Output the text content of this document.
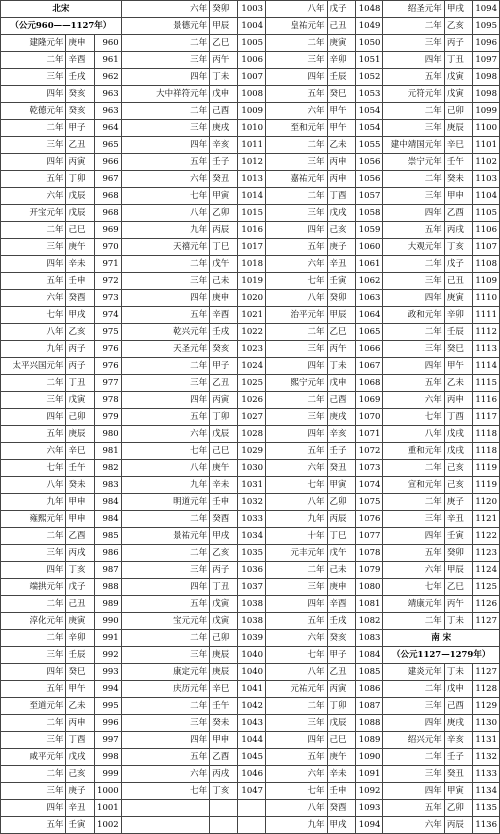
北宋			六年	癸卯	1003	八年	戊子	1048	绍圣元年	甲戌	1094
（公元960——1127年）			景德元年	甲辰	1004	皇祐元年	己丑	1049	二年	乙亥	1095
建隆元年	庚申	960	二年	乙巳	1005	二年	庚寅	1050	三年	丙子	1096
二年	辛酉	961	三年	丙午	1006	三年	辛卯	1051	四年	丁丑	1097
三年	壬戌	962	四年	丁未	1007	四年	壬辰	1052	五年	戊寅	1098
四年	癸亥	963	大中祥符元年	戊申	1008	五年	癸巳	1053	元符元年	戊寅	1098
乾德元年	癸亥	963	二年	己酉	1009	六年	甲午	1054	二年	己卯	1099
二年	甲子	964	三年	庚戌	1010	至和元年	甲午	1054	三年	庚辰	1100
三年	乙丑	965	四年	辛亥	1011	二年	乙未	1055	建中靖国元年	辛巳	1101
四年	丙寅	966	五年	壬子	1012	三年	丙申	1056	崇宁元年	壬午	1102
五年	丁卯	967	六年	癸丑	1013	嘉祐元年	丙申	1056	二年	癸未	1103
六年	戊辰	968	七年	甲寅	1014	二年	丁酉	1057	三年	甲申	1104
开宝元年	戊辰	968	八年	乙卯	1015	三年	戊戌	1058	四年	乙酉	1105
二年	己巳	969	九年	丙辰	1016	四年	己亥	1059	五年	丙戌	1106
三年	庚午	970	天禧元年	丁巳	1017	五年	庚子	1060	大观元年	丁亥	1107
四年	辛未	971	二年	戊午	1018	六年	辛丑	1061	二年	戊子	1108
五年	壬申	972	三年	己未	1019	七年	壬寅	1062	三年	己丑	1109
六年	癸酉	973	四年	庚申	1020	八年	癸卯	1063	四年	庚寅	1110
七年	甲戌	974	五年	辛酉	1021	治平元年	甲辰	1064	政和元年	辛卯	1111
八年	乙亥	975	乾兴元年	壬戌	1022	二年	乙巳	1065	二年	壬辰	1112
九年	丙子	976	天圣元年	癸亥	1023	三年	丙午	1066	三年	癸巳	1113
太平兴国元年	丙子	976	二年	甲子	1024	四年	丁未	1067	四年	甲午	1114
二年	丁丑	977	三年	乙丑	1025	熙宁元年	戊申	1068	五年	乙未	1115
三年	戊寅	978	四年	丙寅	1026	二年	己酉	1069	六年	丙申	1116
四年	己卯	979	五年	丁卯	1027	三年	庚戌	1070	七年	丁酉	1117
五年	庚辰	980	六年	戊辰	1028	四年	辛亥	1071	八年	戊戌	1118
六年	辛巳	981	七年	己巳	1029	五年	壬子	1072	重和元年	戊戌	1118
七年	壬午	982	八年	庚午	1030	六年	癸丑	1073	二年	己亥	1119
八年	癸未	983	九年	辛未	1031	七年	甲寅	1074	宣和元年	己亥	1119
九年	甲申	984	明道元年	壬申	1032	八年	乙卯	1075	二年	庚子	1120
雍熙元年	甲申	984	二年	癸酉	1033	九年	丙辰	1076	三年	辛丑	1121
二年	乙酉	985	景祐元年	甲戌	1034	十年	丁巳	1077	四年	壬寅	1122
三年	丙戌	986	二年	乙亥	1035	元丰元年	戊午	1078	五年	癸卯	1123
四年	丁亥	987	三年	丙子	1036	二年	己未	1079	六年	甲辰	1124
端拱元年	戊子	988	四年	丁丑	1037	三年	庚申	1080	七年	乙巳	1125
二年	己丑	989	五年	戊寅	1038	四年	辛酉	1081	靖康元年	丙午	1126
淳化元年	庚寅	990	宝元元年	戊寅	1038	五年	壬戌	1082	二年	丁未	1127
二年	辛卯	991	二年	己卯	1039	六年	癸亥	1083	南 宋		
三年	壬辰	992	三年	庚辰	1040	七年	甲子	1084	（公元1127—1279年）		
四年	癸巳	993	康定元年	庚辰	1040	八年	乙丑	1085	建炎元年	丁未	1127
五年	甲午	994	庆历元年	辛巳	1041	元祐元年	丙寅	1086	二年	戊申	1128
至道元年	乙未	995	二年	壬午	1042	二年	丁卯	1087	三年	己酉	1129
二年	丙申	996	三年	癸未	1043	三年	戊辰	1088	四年	庚戌	1130
三年	丁酉	997	四年	甲申	1044	四年	己巳	1089	绍兴元年	辛亥	1131
咸平元年	戊戌	998	五年	乙酉	1045	五年	庚午	1090	二年	壬子	1132
二年	己亥	999	六年	丙戌	1046	六年	辛未	1091	三年	癸丑	1133
三年	庚子	1000	七年	丁亥	1047	七年	壬申	1092	四年	甲寅	1134
四年	辛丑	1001				八年	癸酉	1093	五年	乙卯	1135
五年	壬寅	1002				九年	甲戌	1094	六年	丙辰	1136
